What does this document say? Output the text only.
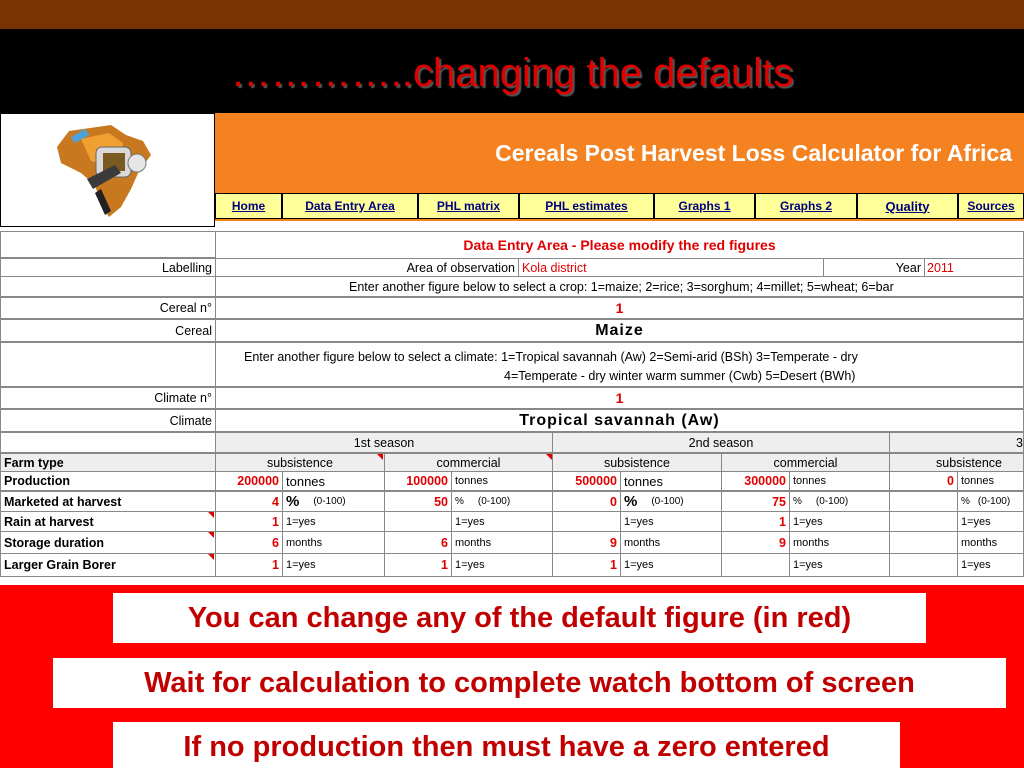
…………..changing the defaults
Cereals Post Harvest Loss Calculator for Africa
Home	Data Entry Area	PHL matrix	PHL estimates	Graphs 1	Graphs 2	Quality	Sources
Data Entry Area - Please modify the red figures
Labelling	Area of observation Kola district	Year 2011
Enter another figure below to select a crop: 1=maize; 2=rice; 3=sorghum; 4=millet; 5=wheat; 6=bar
Cereal n°	1
Cereal	Maize
Enter another figure below to select a climate: 1=Tropical savannah (Aw) 2=Semi-arid (BSh) 3=Temperate - dry
4=Temperate - dry winter warm summer (Cwb) 5=Desert (BWh)
Climate n°	1
Climate	Tropical savannah (Aw)
1st season	2nd season	3
Farm type	subsistence	commercial	subsistence	commercial	subsistence
Production	200000 tonnes	100000 tonnes	500000 tonnes	300000 tonnes	0 tonnes
Marketed at harvest	4 % (0-100)	50 % (0-100)	0 % (0-100)	75 % (0-100)	% (0-100)
Rain at harvest	1 1=yes	1=yes	1=yes	1 1=yes	1=yes
Storage duration	6 months	6 months	9 months	9 months	months
Larger Grain Borer	1 1=yes	1 1=yes	1 1=yes	1=yes	1=yes
You can change any of the default figure (in red)
Wait for calculation to complete watch bottom of screen
If no production then must have a zero entered
